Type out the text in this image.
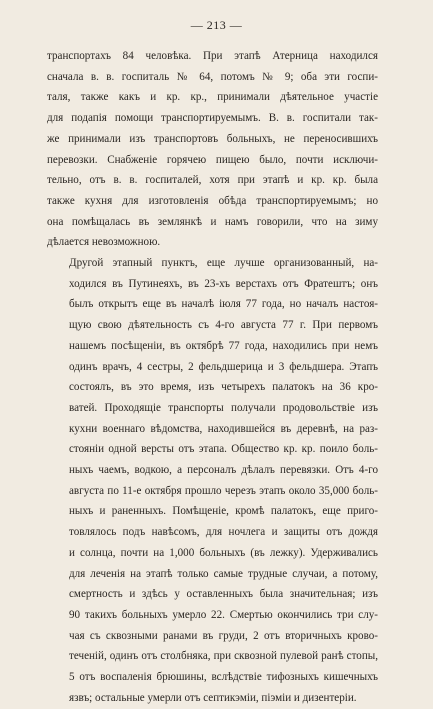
— 213 —

транспортахъ 84 человѣка. При этапѣ Атерница находился
сначала в. в. госпиталь № 64, потомъ № 9; оба эти госпи-
таля, также какъ и кр. кр., принимали дѣятельное участіе
для подапія помощи транспортируемымъ. В. в. госпитали так-
же принимали изъ транспортовъ больныхъ, не переносившихъ
перевозки. Снабженіе горячею пищею было, почти исключи-
тельно, отъ в. в. госпиталей, хотя при этапѣ и кр. кр. была
также кухня для изготовленія обѣда транспортируемымъ; но
она помѣщалась въ землянкѣ и намъ говорили, что на зиму
дѣлается невозможною.

Другой этапный пунктъ, еще лучше организованный, на-
ходился въ Путинеяхъ, въ 23-хъ верстахъ отъ Фратештъ; онъ
былъ открытъ еще въ началѣ іюля 77 года, но началъ настоя-
щую свою дѣятельность съ 4-го августа 77 г. При первомъ
нашемъ посѣщеніи, въ октябрѣ 77 года, находились при немъ
одинъ врачъ, 4 сестры, 2 фельдшерица и 3 фельдшера. Этапъ
состоялъ, въ это время, изъ четырехъ палатокъ на 36 кро-
ватей. Проходящіе транспорты получали продовольствіе изъ
кухни военнаго вѣдомства, находившейся въ деревнѣ, на раз-
стояніи одной версты отъ этапа. Общество кр. кр. поило боль-
ныхъ чаемъ, водкою, а персоналъ дѣлалъ перевязки. Отъ 4-го
августа по 11-е октября прошло черезъ этапъ около 35,000 боль-
ныхъ и раненныхъ. Помѣщеніе, кромѣ палатокъ, еще приго-
товлялось подъ навѣсомъ, для ночлега и защиты отъ дождя
и солнца, почти на 1,000 больныхъ (въ лежку). Удерживались
для леченія на этапѣ только самые трудные случаи, а потому,
смертность и здѣсь у оставленныхъ была значительная; изъ
90 такихъ больныхъ умерло 22. Смертью окончились три слу-
чая съ сквозными ранами въ груди, 2 отъ вторичныхъ крово-
теченій, одинъ отъ столбняка, при сквозной пулевой ранѣ стопы,
5 отъ воспаленія брюшины, вслѣдствіе тифозныхъ кишечныхъ
язвъ; остальные умерли отъ септикэміи, піэміи и дизентеріи.
